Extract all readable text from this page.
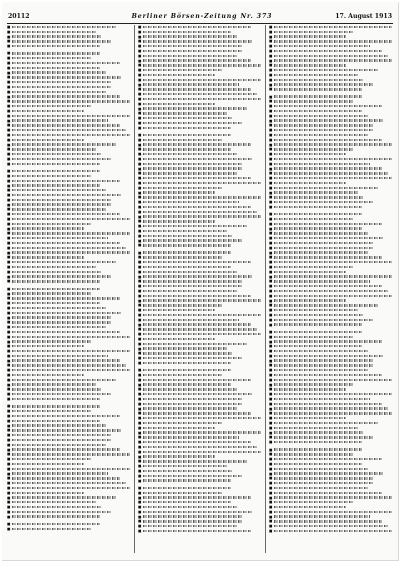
20112	Berliner Börsen-Zeitung Nr. 373	17. August 1913
■
■
■
■
■
■
■
■
■
■
■
■
■
■
■
■
■
■
■
■
■
■
■
■
■
■
■
■
■
■
■
■
■
■
■
■
■
■
■
■
■
■
■
■
■
■
■
■
■
■
■
■
■
■
■
■
■
■
■
■
■
■
■
■
■
■
■
■
■
■
■
■
■
■
■
■
■
■
■
■
■
■
■
■
■
■
■
■
■
■
■
■
■
■
■
■
■
■
■
■
■
■
■
■
■
■
■
■
■
■
■
■
■
■
■
■
■
■
■
■
■
■
■
■
■
■
■
■
■
■
■
■
■
■
■
■
■
■
■
■
■
■
■
■
■
■
■
■
■
■
■
■
■
■
■
■
■
■
■
■
■
■
■
■
■
■
■
■
■
■
■
■
■
■
■
■
■
■
■
■
■
■
■
■
■
■
■
■
■
■
■
■
■
■
■
■
■
■
■
■
■
■
■
■
■
■
■
■
■
■
■
■
■
■
■
■
■
■
■
■
■
■
■
■
■
■
■
■
■
■
■
■
■
■
■
■
■
■
■
■
■
■
■
■
■
■
■
■
■
■
■
■
■
■
■
■
■
■
■
■
■
■
■
■
■
■
■
■
■
■
■
■
■
■
■
■
■
■
■
■
■
■
■
■
■
■
■
■
■
■
■
■
■
■
■
■
■
■
■
■
■
■
■
■
■
■
■
■
■
■
■
